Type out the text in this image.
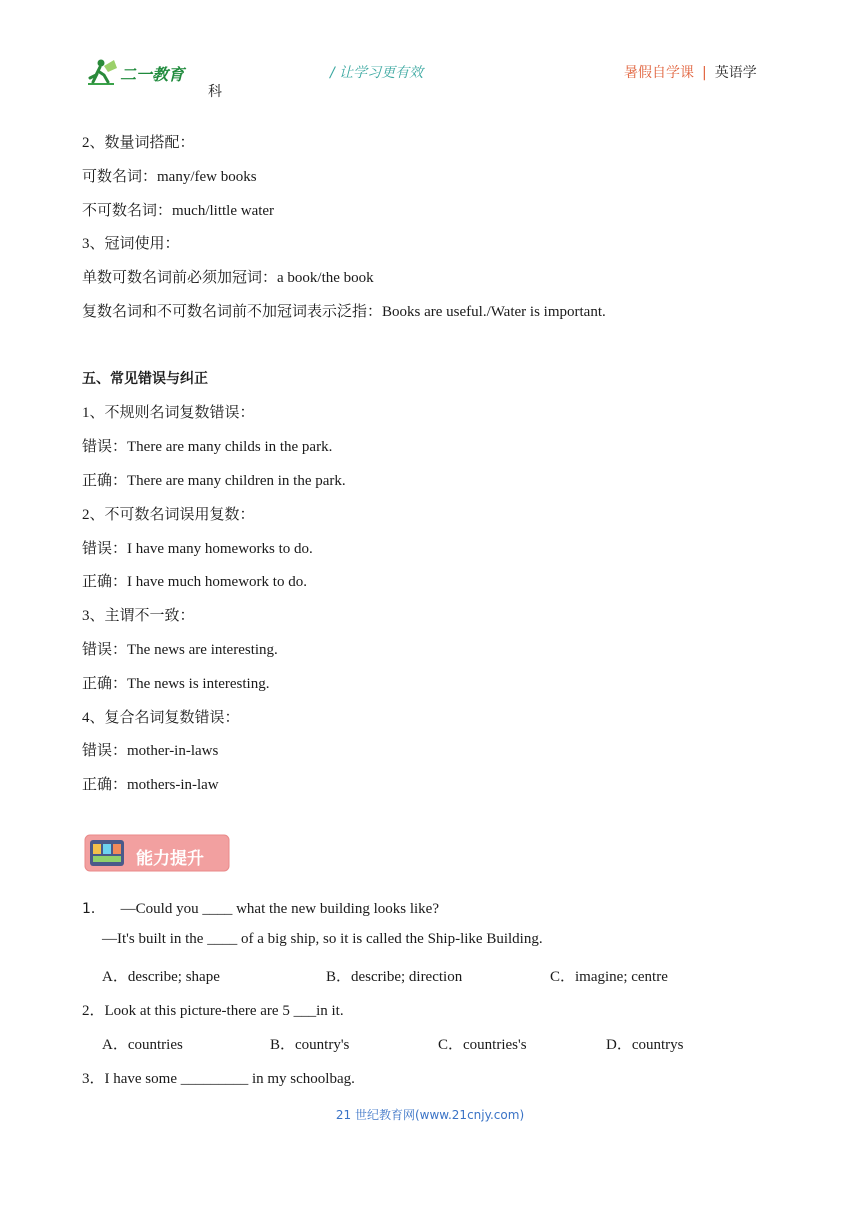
二一教育
科
/ 让学习更有效	暑假自学课 | 英语学
2、数量词搭配：
可数名词：many/few books
不可数名词：much/little water
3、冠词使用：
单数可数名词前必须加冠词：a book/the book
复数名词和不可数名词前不加冠词表示泛指：Books are useful./Water is important.
五、常见错误与纠正
1、不规则名词复数错误：
错误：There are many childs in the park.
正确：There are many children in the park.
2、不可数名词误用复数：
错误：I have many homeworks to do.
正确：I have much homework to do.
3、主谓不一致：
错误：The news are interesting.
正确：The news is interesting.
4、复合名词复数错误：
错误：mother-in-laws
正确：mothers-in-law
能力提升
1． —Could you ____ what the new building looks like?
—It's built in the ____ of a big ship, so it is called the Ship-like Building.
A．describe; shape	B．describe; direction	C．imagine; centre
2．Look at this picture-there are 5 ___in it.
A．countries	B．country's	C．countries's	D．countrys
3．I have some _________ in my schoolbag.
21 世纪教育网(www.21cnjy.com)
